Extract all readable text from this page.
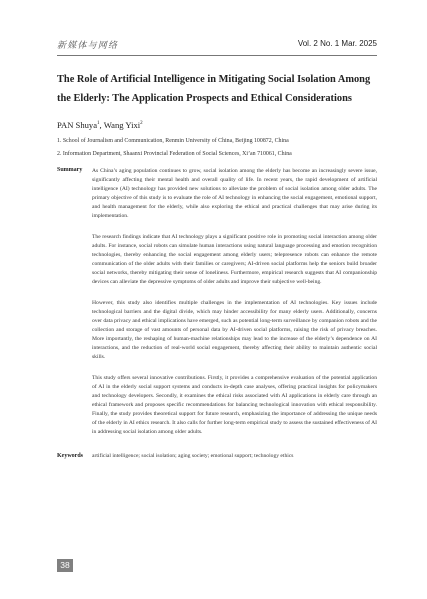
新媒体与网络	Vol. 2 No. 1 Mar. 2025
The Role of Artificial Intelligence in Mitigating Social Isolation Among the Elderly: The Application Prospects and Ethical Considerations
PAN Shuya$^1$, Wang Yixi$^2$
1. School of Journalism and Communication, Renmin University of China, Beijing 100872, China
2. Information Department, Shaanxi Provincial Federation of Social Sciences, Xi’an 710061, China
Summary As China’s aging population continues to grow, social isolation among the elderly has become an increasingly severe issue, significantly affecting their mental health and overall quality of life. In recent years, the rapid development of artificial intelligence (AI) technology has provided new solutions to alleviate the problem of social isolation among older adults. The primary objective of this study is to evaluate the role of AI technology in enhancing the social engagement, emotional support, and health management for the elderly, while also exploring the ethical and practical challenges that may arise during its implementation.

The research findings indicate that AI technology plays a significant positive role in promoting social interaction among older adults. For instance, social robots can simulate human interactions using natural language processing and emotion recognition technologies, thereby enhancing the social engagement among elderly users; telepresence robots can enhance the remote communication of the older adults with their families or caregivers; AI-driven social platforms help the seniors build broader social networks, thereby mitigating their sense of loneliness. Furthermore, empirical research suggests that AI companionship devices can alleviate the depressive symptoms of older adults and improve their subjective well-being.

However, this study also identifies multiple challenges in the implementation of AI technologies. Key issues include technological barriers and the digital divide, which may hinder accessibility for many elderly users. Additionally, concerns over data privacy and ethical implications have emerged, such as potential long-term surveillance by companion robots and the collection and storage of vast amounts of personal data by AI-driven social platforms, raising the risk of privacy breaches. More importantly, the reshaping of human-machine relationships may lead to the increase of the elderly’s dependence on AI interactions, and the reduction of real-world social engagement, thereby affecting their ability to maintain authentic social skills.

This study offers several innovative contributions. Firstly, it provides a comprehensive evaluation of the potential application of AI in the elderly social support systems and conducts in-depth case analyses, offering practical insights for policymakers and technology developers. Secondly, it examines the ethical risks associated with AI applications in elderly care through an ethical framework and proposes specific recommendations for balancing technological innovation with ethical responsibility. Finally, the study provides theoretical support for future research, emphasizing the importance of addressing the unique needs of the elderly in AI ethics research. It also calls for further long-term empirical study to assess the sustained effectiveness of AI in addressing social isolation among older adults.

Keywords artificial intelligence; social isolation; aging society; emotional support; technology ethics
38
